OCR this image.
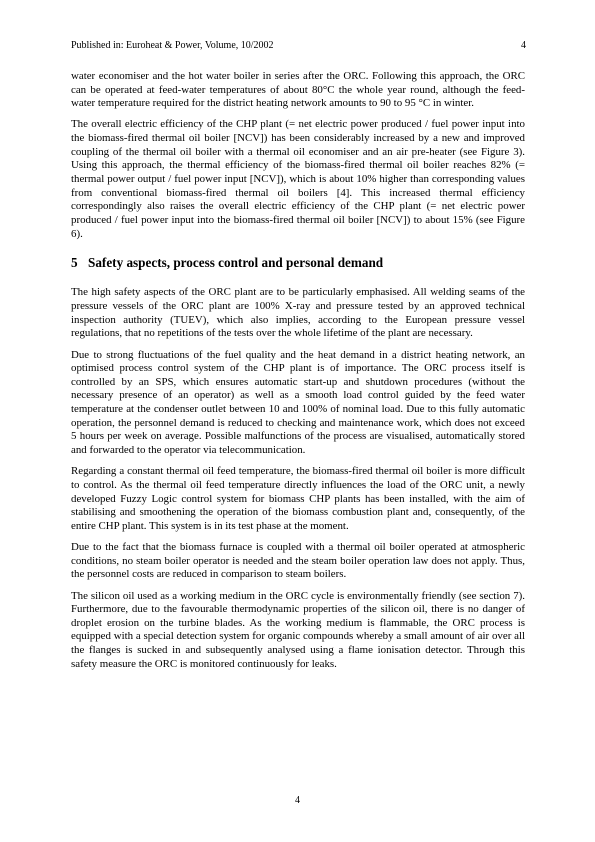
Published in: Euroheat & Power, Volume, 10/2002	4

water economiser and the hot water boiler in series after the ORC. Following this approach, the ORC can be operated at feed-water temperatures of about 80°C the whole year round, although the feed-water temperature required for the district heating network amounts to 90 to 95 °C in winter.

The overall electric efficiency of the CHP plant (= net electric power produced / fuel power input into the biomass-fired thermal oil boiler [NCV]) has been considerably increased by a new and improved coupling of the thermal oil boiler with a thermal oil economiser and an air pre-heater (see Figure 3). Using this approach, the thermal efficiency of the biomass-fired thermal oil boiler reaches 82% (= thermal power output / fuel power input [NCV]), which is about 10% higher than corresponding values from conventional biomass-fired thermal oil boilers [4]. This increased thermal efficiency correspondingly also raises the overall electric efficiency of the CHP plant (= net electric power produced / fuel power input into the biomass-fired thermal oil boiler [NCV]) to about 15% (see Figure 6).

5 Safety aspects, process control and personal demand

The high safety aspects of the ORC plant are to be particularly emphasised. All welding seams of the pressure vessels of the ORC plant are 100% X-ray and pressure tested by an approved technical inspection authority (TUEV), which also implies, according to the European pressure vessel regulations, that no repetitions of the tests over the whole lifetime of the plant are necessary.

Due to strong fluctuations of the fuel quality and the heat demand in a district heating network, an optimised process control system of the CHP plant is of importance. The ORC process itself is controlled by an SPS, which ensures automatic start-up and shutdown procedures (without the necessary presence of an operator) as well as a smooth load control guided by the feed water temperature at the condenser outlet between 10 and 100% of nominal load. Due to this fully automatic operation, the personnel demand is reduced to checking and maintenance work, which does not exceed 5 hours per week on average. Possible malfunctions of the process are visualised, automatically stored and forwarded to the operator via telecommunication.

Regarding a constant thermal oil feed temperature, the biomass-fired thermal oil boiler is more difficult to control. As the thermal oil feed temperature directly influences the load of the ORC unit, a newly developed Fuzzy Logic control system for biomass CHP plants has been installed, with the aim of stabilising and smoothening the operation of the biomass combustion plant and, consequently, of the entire CHP plant. This system is in its test phase at the moment.

Due to the fact that the biomass furnace is coupled with a thermal oil boiler operated at atmospheric conditions, no steam boiler operator is needed and the steam boiler operation law does not apply. Thus, the personnel costs are reduced in comparison to steam boilers.

The silicon oil used as a working medium in the ORC cycle is environmentally friendly (see section 7). Furthermore, due to the favourable thermodynamic properties of the silicon oil, there is no danger of droplet erosion on the turbine blades. As the working medium is flammable, the ORC process is equipped with a special detection system for organic compounds whereby a small amount of air over all the flanges is sucked in and subsequently analysed using a flame ionisation detector. Through this safety measure the ORC is monitored continuously for leaks.

4
